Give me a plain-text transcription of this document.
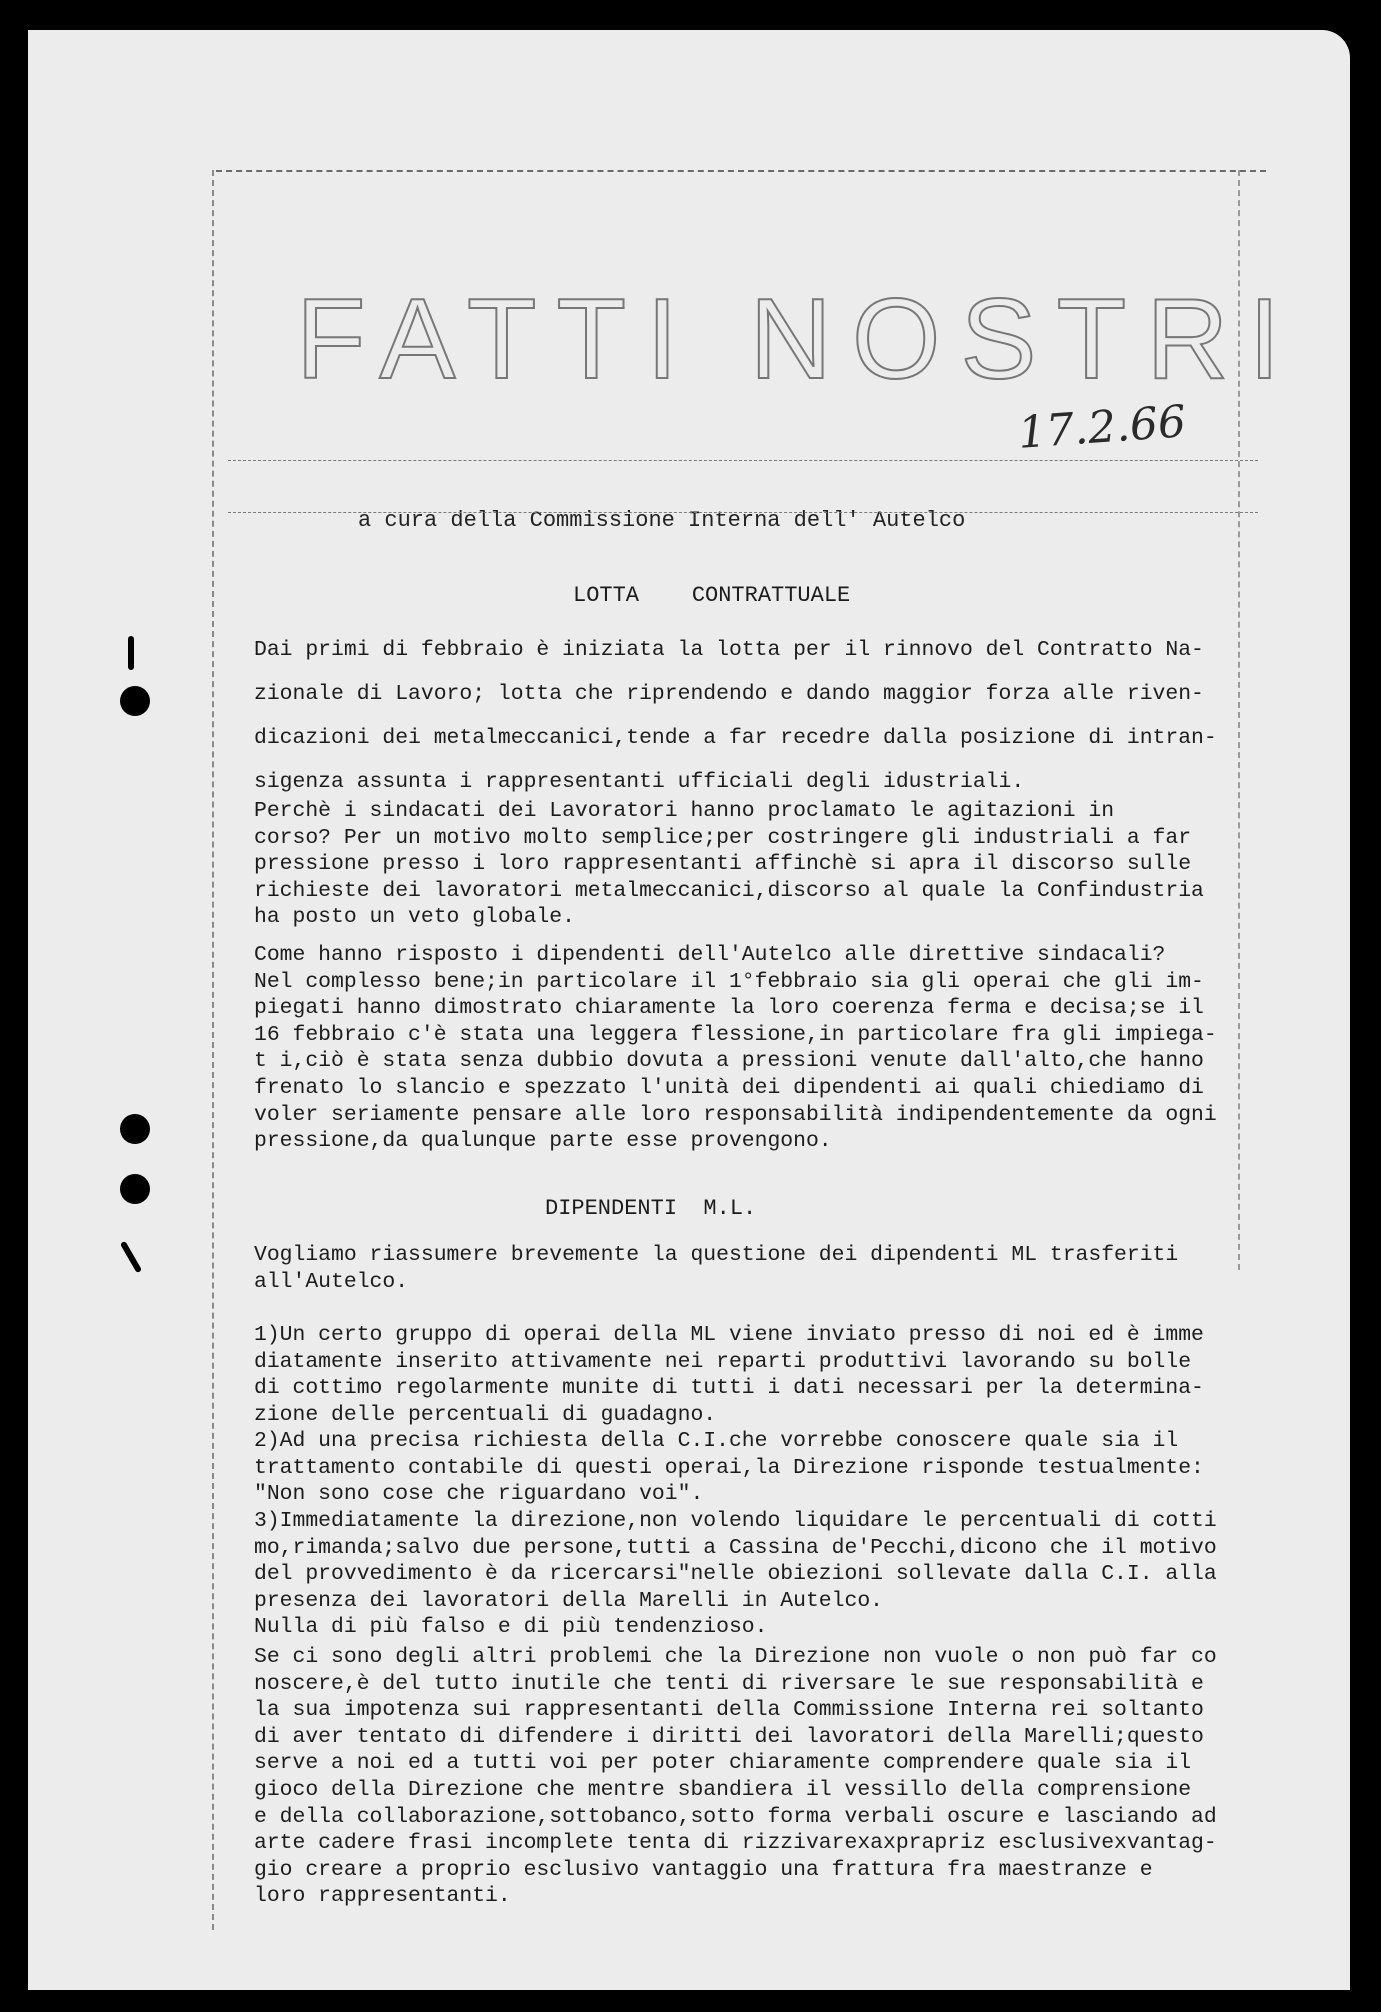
FATTI NOSTRI
17.2.66
a cura della Commissione Interna dell' Autelco
LOTTA    CONTRATTUALE

Dai primi di febbraio è iniziata la lotta per il rinnovo del Contratto Na-
zionale di Lavoro; lotta che riprendendo e dando maggior forza alle riven-
dicazioni dei metalmeccanici,tende a far recedre dalla posizione di intran-
sigenza assunta i rappresentanti ufficiali degli idustriali.

Perchè i sindacati dei Lavoratori hanno proclamato le agitazioni in
corso? Per un motivo molto semplice;per costringere gli industriali a far
pressione presso i loro rappresentanti affinchè si apra il discorso sulle
richieste dei lavoratori metalmeccanici,discorso al quale la Confindustria
ha posto un veto globale.

Come hanno risposto i dipendenti dell'Autelco alle direttive sindacali?
Nel complesso bene;in particolare il 1°febbraio sia gli operai che gli im-
piegati hanno dimostrato chiaramente la loro coerenza ferma e decisa;se il
16 febbraio c'è stata una leggera flessione,in particolare fra gli impiega-
t i,ciò è stata senza dubbio dovuta a pressioni venute dall'alto,che hanno
frenato lo slancio e spezzato l'unità dei dipendenti ai quali chiediamo di
voler seriamente pensare alle loro responsabilità indipendentemente da ogni
pressione,da qualunque parte esse provengono.

DIPENDENTI  M.L.

Vogliamo riassumere brevemente la questione dei dipendenti ML trasferiti
all'Autelco.

1)Un certo gruppo di operai della ML viene inviato presso di noi ed è imme
diatamente inserito attivamente nei reparti produttivi lavorando su bolle
di cottimo regolarmente munite di tutti i dati necessari per la determina-
zione delle percentuali di guadagno.

2)Ad una precisa richiesta della C.I.che vorrebbe conoscere quale sia il
trattamento contabile di questi operai,la Direzione risponde testualmente:
"Non sono cose che riguardano voi".

3)Immediatamente la direzione,non volendo liquidare le percentuali di cotti
mo,rimanda;salvo due persone,tutti a Cassina de'Pecchi,dicono che il motivo
del provvedimento è da ricercarsi"nelle obiezioni sollevate dalla C.I. alla
presenza dei lavoratori della Marelli in Autelco.

Nulla di più falso e di più tendenzioso.

Se ci sono degli altri problemi che la Direzione non vuole o non può far co
noscere,è del tutto inutile che tenti di riversare le sue responsabilità e
la sua impotenza sui rappresentanti della Commissione Interna rei soltanto
di aver tentato di difendere i diritti dei lavoratori della Marelli;questo
serve a noi ed a tutti voi per poter chiaramente comprendere quale sia il
gioco della Direzione che mentre sbandiera il vessillo della comprensione
e della collaborazione,sottobanco,sotto forma verbali oscure e lasciando ad
arte cadere frasi incomplete tenta di rizzivarexaxprapriz esclusivexvantag-
gio creare a proprio esclusivo vantaggio una frattura fra maestranze e
loro rappresentanti.
